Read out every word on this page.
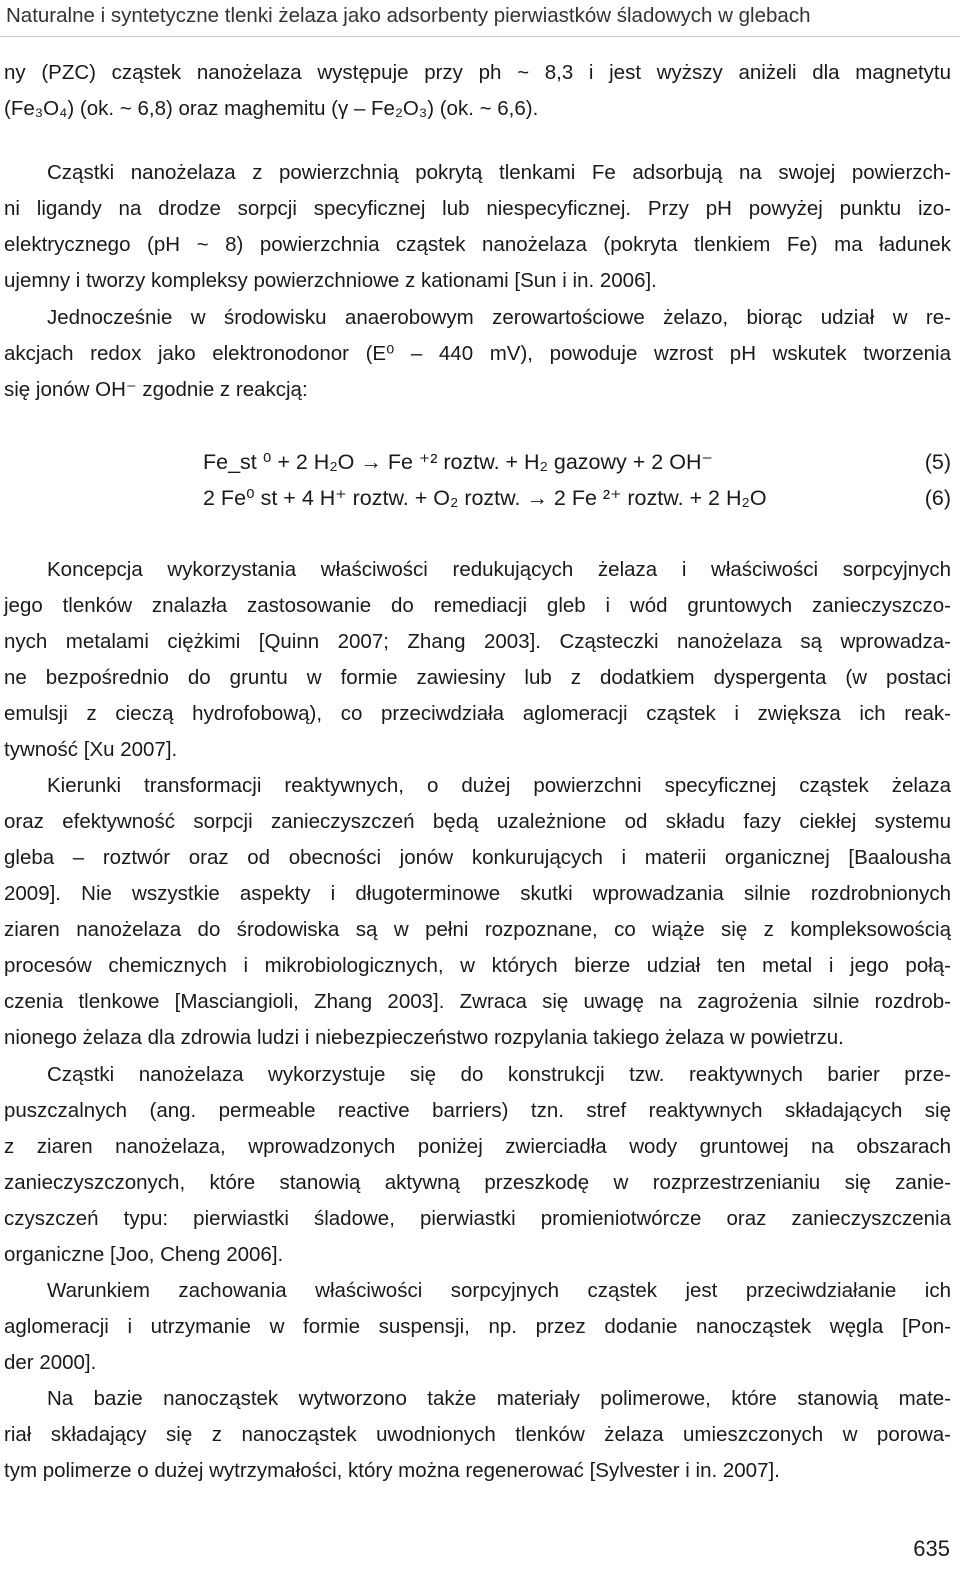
Naturalne i syntetyczne tlenki żelaza jako adsorbenty pierwiastków śladowych w glebach
ny (PZC) cząstek nanożelaza występuje przy ph ~ 8,3 i jest wyższy aniżeli dla magnetytu
(Fe₃O₄) (ok. ~ 6,8) oraz maghemitu (γ – Fe₂O₃) (ok. ~ 6,6).
Cząstki nanożelaza z powierzchnią pokrytą tlenkami Fe adsorbują na swojej powierzch-
ni ligandy na drodze sorpcji specyficznej lub niespecyficznej. Przy pH powyżej punktu izo-
elektrycznego (pH ~ 8) powierzchnia cząstek nanożelaza (pokryta tlenkiem Fe) ma ładunek
ujemny i tworzy kompleksy powierzchniowe z kationami [Sun i in. 2006].
Jednocześnie w środowisku anaerobowym zerowartościowe żelazo, biorąc udział w re-
akcjach redox jako elektronodonor (E⁰ – 440 mV), powoduje wzrost pH wskutek tworzenia
się jonów OH⁻ zgodnie z reakcją:
Fe_st ⁰ + 2 H₂O → Fe ⁺² roztw. + H₂ gazowy + 2 OH⁻	(5)
2 Fe⁰ st + 4 H⁺ roztw. + O₂ roztw. → 2 Fe ²⁺ roztw. + 2 H₂O	(6)
Koncepcja wykorzystania właściwości redukujących żelaza i właściwości sorpcyjnych
jego tlenków znalazła zastosowanie do remediacji gleb i wód gruntowych zanieczyszczo-
nych metalami ciężkimi [Quinn 2007; Zhang 2003]. Cząsteczki nanożelaza są wprowadza-
ne bezpośrednio do gruntu w formie zawiesiny lub z dodatkiem dyspergenta (w postaci
emulsji z cieczą hydrofobową), co przeciwdziała aglomeracji cząstek i zwiększa ich reak-
tywność [Xu 2007].
Kierunki transformacji reaktywnych, o dużej powierzchni specyficznej cząstek żelaza
oraz efektywność sorpcji zanieczyszczeń będą uzależnione od składu fazy ciekłej systemu
gleba – roztwór oraz od obecności jonów konkurujących i materii organicznej [Baalousha
2009]. Nie wszystkie aspekty i długoterminowe skutki wprowadzania silnie rozdrobnionych
ziaren nanożelaza do środowiska są w pełni rozpoznane, co wiąże się z kompleksowością
procesów chemicznych i mikrobiologicznych, w których bierze udział ten metal i jego połą-
czenia tlenkowe [Masciangioli, Zhang 2003]. Zwraca się uwagę na zagrożenia silnie rozdrob-
nionego żelaza dla zdrowia ludzi i niebezpieczeństwo rozpylania takiego żelaza w powietrzu.
Cząstki nanożelaza wykorzystuje się do konstrukcji tzw. reaktywnych barier prze-
puszczalnych (ang. permeable reactive barriers) tzn. stref reaktywnych składających się
z ziaren nanożelaza, wprowadzonych poniżej zwierciadła wody gruntowej na obszarach
zanieczyszczonych, które stanowią aktywną przeszkodę w rozprzestrzenianiu się zanie-
czyszczeń typu: pierwiastki śladowe, pierwiastki promieniotwórcze oraz zanieczyszczenia
organiczne [Joo, Cheng 2006].
Warunkiem zachowania właściwości sorpcyjnych cząstek jest przeciwdziałanie ich
aglomeracji i utrzymanie w formie suspensji, np. przez dodanie nanocząstek węgla [Pon-
der 2000].
Na bazie nanocząstek wytworzono także materiały polimerowe, które stanowią mate-
riał składający się z nanocząstek uwodnionych tlenków żelaza umieszczonych w porowa-
tym polimerze o dużej wytrzymałości, który można regenerować [Sylvester i in. 2007].
635
